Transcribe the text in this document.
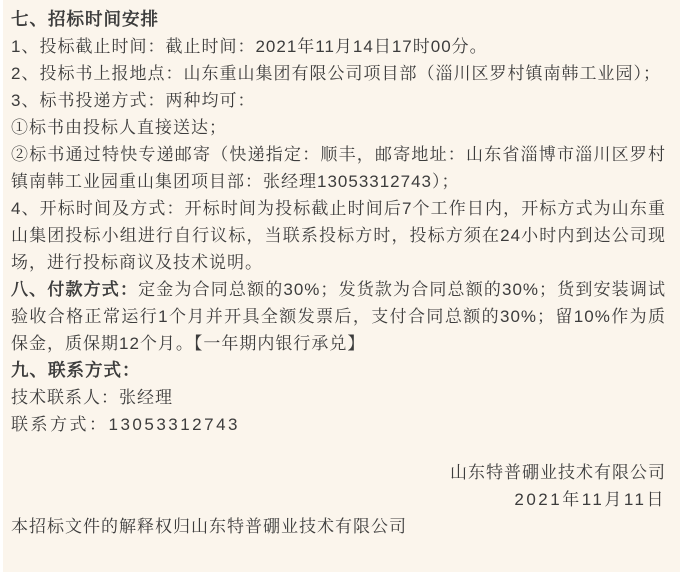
七、招标时间安排

1、投标截止时间：截止时间：2021年11月14日17时00分。

2、投标书上报地点：山东重山集团有限公司项目部（淄川区罗村镇南韩工业园）；

3、标书投递方式：两种均可：

①标书由投标人直接送达；

②标书通过特快专递邮寄（快递指定：顺丰，邮寄地址：山东省淄博市淄川区罗村镇南韩工业园重山集团项目部：张经理13053312743）；

4、开标时间及方式：开标时间为投标截止时间后7个工作日内，开标方式为山东重山集团投标小组进行自行议标，当联系投标方时，投标方须在24小时内到达公司现场，进行投标商议及技术说明。

八、付款方式：定金为合同总额的30%；发货款为合同总额的30%；货到安装调试验收合格正常运行1个月并开具全额发票后，支付合同总额的30%；留10%作为质保金，质保期12个月。【一年期内银行承兑】

九、联系方式：

技术联系人：张经理

联系方式：13053312743

山东特普硼业技术有限公司

2021年11月11日

本招标文件的解释权归山东特普硼业技术有限公司
